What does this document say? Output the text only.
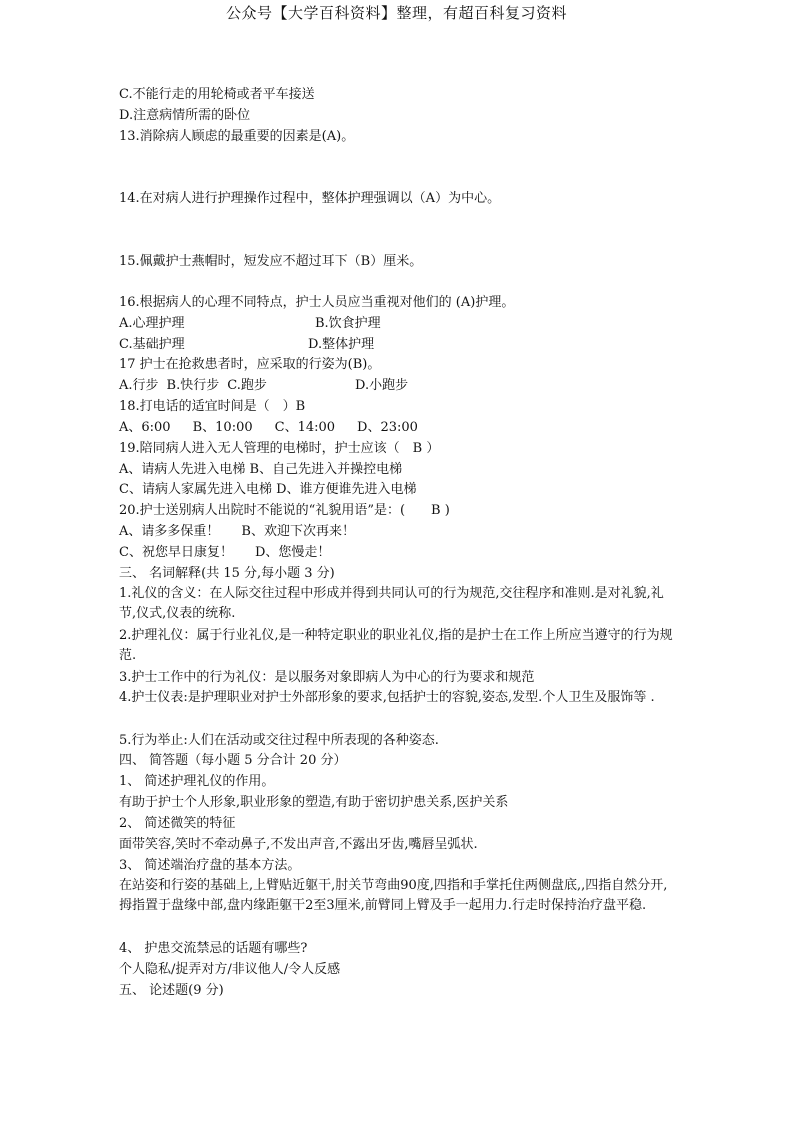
公众号【大学百科资料】整理，有超百科复习资料
C.不能行走的用轮椅或者平车接送
D.注意病情所需的卧位
13.消除病人顾虑的最重要的因素是(A)。
14.在对病人进行护理操作过程中，整体护理强调以（A）为中心。
15.佩戴护士燕帽时，短发应不超过耳下（B）厘米。
16.根据病人的心理不同特点，护士人员应当重视对他们的 (A)护理。
A.心理护理	B.饮食护理
C.基础护理	D.整体护理
17 护士在抢救患者时，应采取的行姿为(B)。
A.行步 B.快行步 C.跑步	D.小跑步
18.打电话的适宜时间是（　）B
A、6:00 B、10:00 C、14:00 D、23:00
19.陪同病人进入无人管理的电梯时，护士应该（　B ）
A、请病人先进入电梯 B、自己先进入并操控电梯
C、请病人家属先进入电梯 D、谁方便谁先进入电梯
20.护士送别病人出院时不能说的“礼貌用语”是：(　　B )
A、请多多保重！ B、欢迎下次再来！
C、祝您早日康复！ D、您慢走！
三、 名词解释(共 15 分,每小题 3 分)
1.礼仪的含义：在人际交往过程中形成并得到共同认可的行为规范,交往程序和准则.是对礼貌,礼节,仪式,仪表的统称.
2.护理礼仪：属于行业礼仪,是一种特定职业的职业礼仪,指的是护士在工作上所应当遵守的行为规范.
3.护士工作中的行为礼仪：是以服务对象即病人为中心的行为要求和规范
4.护士仪表:是护理职业对护士外部形象的要求,包括护士的容貌,姿态,发型.个人卫生及服饰等 .
5.行为举止:人们在活动或交往过程中所表现的各种姿态.
四、 简答题（每小题 5 分合计 20 分）
1、 简述护理礼仪的作用。
有助于护士个人形象,职业形象的塑造,有助于密切护患关系,医护关系
2、 简述微笑的特征
面带笑容,笑时不牵动鼻子,不发出声音,不露出牙齿,嘴唇呈弧状.
3、 简述端治疗盘的基本方法。
在站姿和行姿的基础上,上臂贴近躯干,肘关节弯曲90度,四指和手掌托住两侧盘底,,四指自然分开,拇指置于盘缘中部,盘内缘距躯干2至3厘米,前臂同上臂及手一起用力.行走时保持治疗盘平稳.
4、 护患交流禁忌的话题有哪些?
个人隐私/捉弄对方/非议他人/令人反感
五、 论述题(9 分)
